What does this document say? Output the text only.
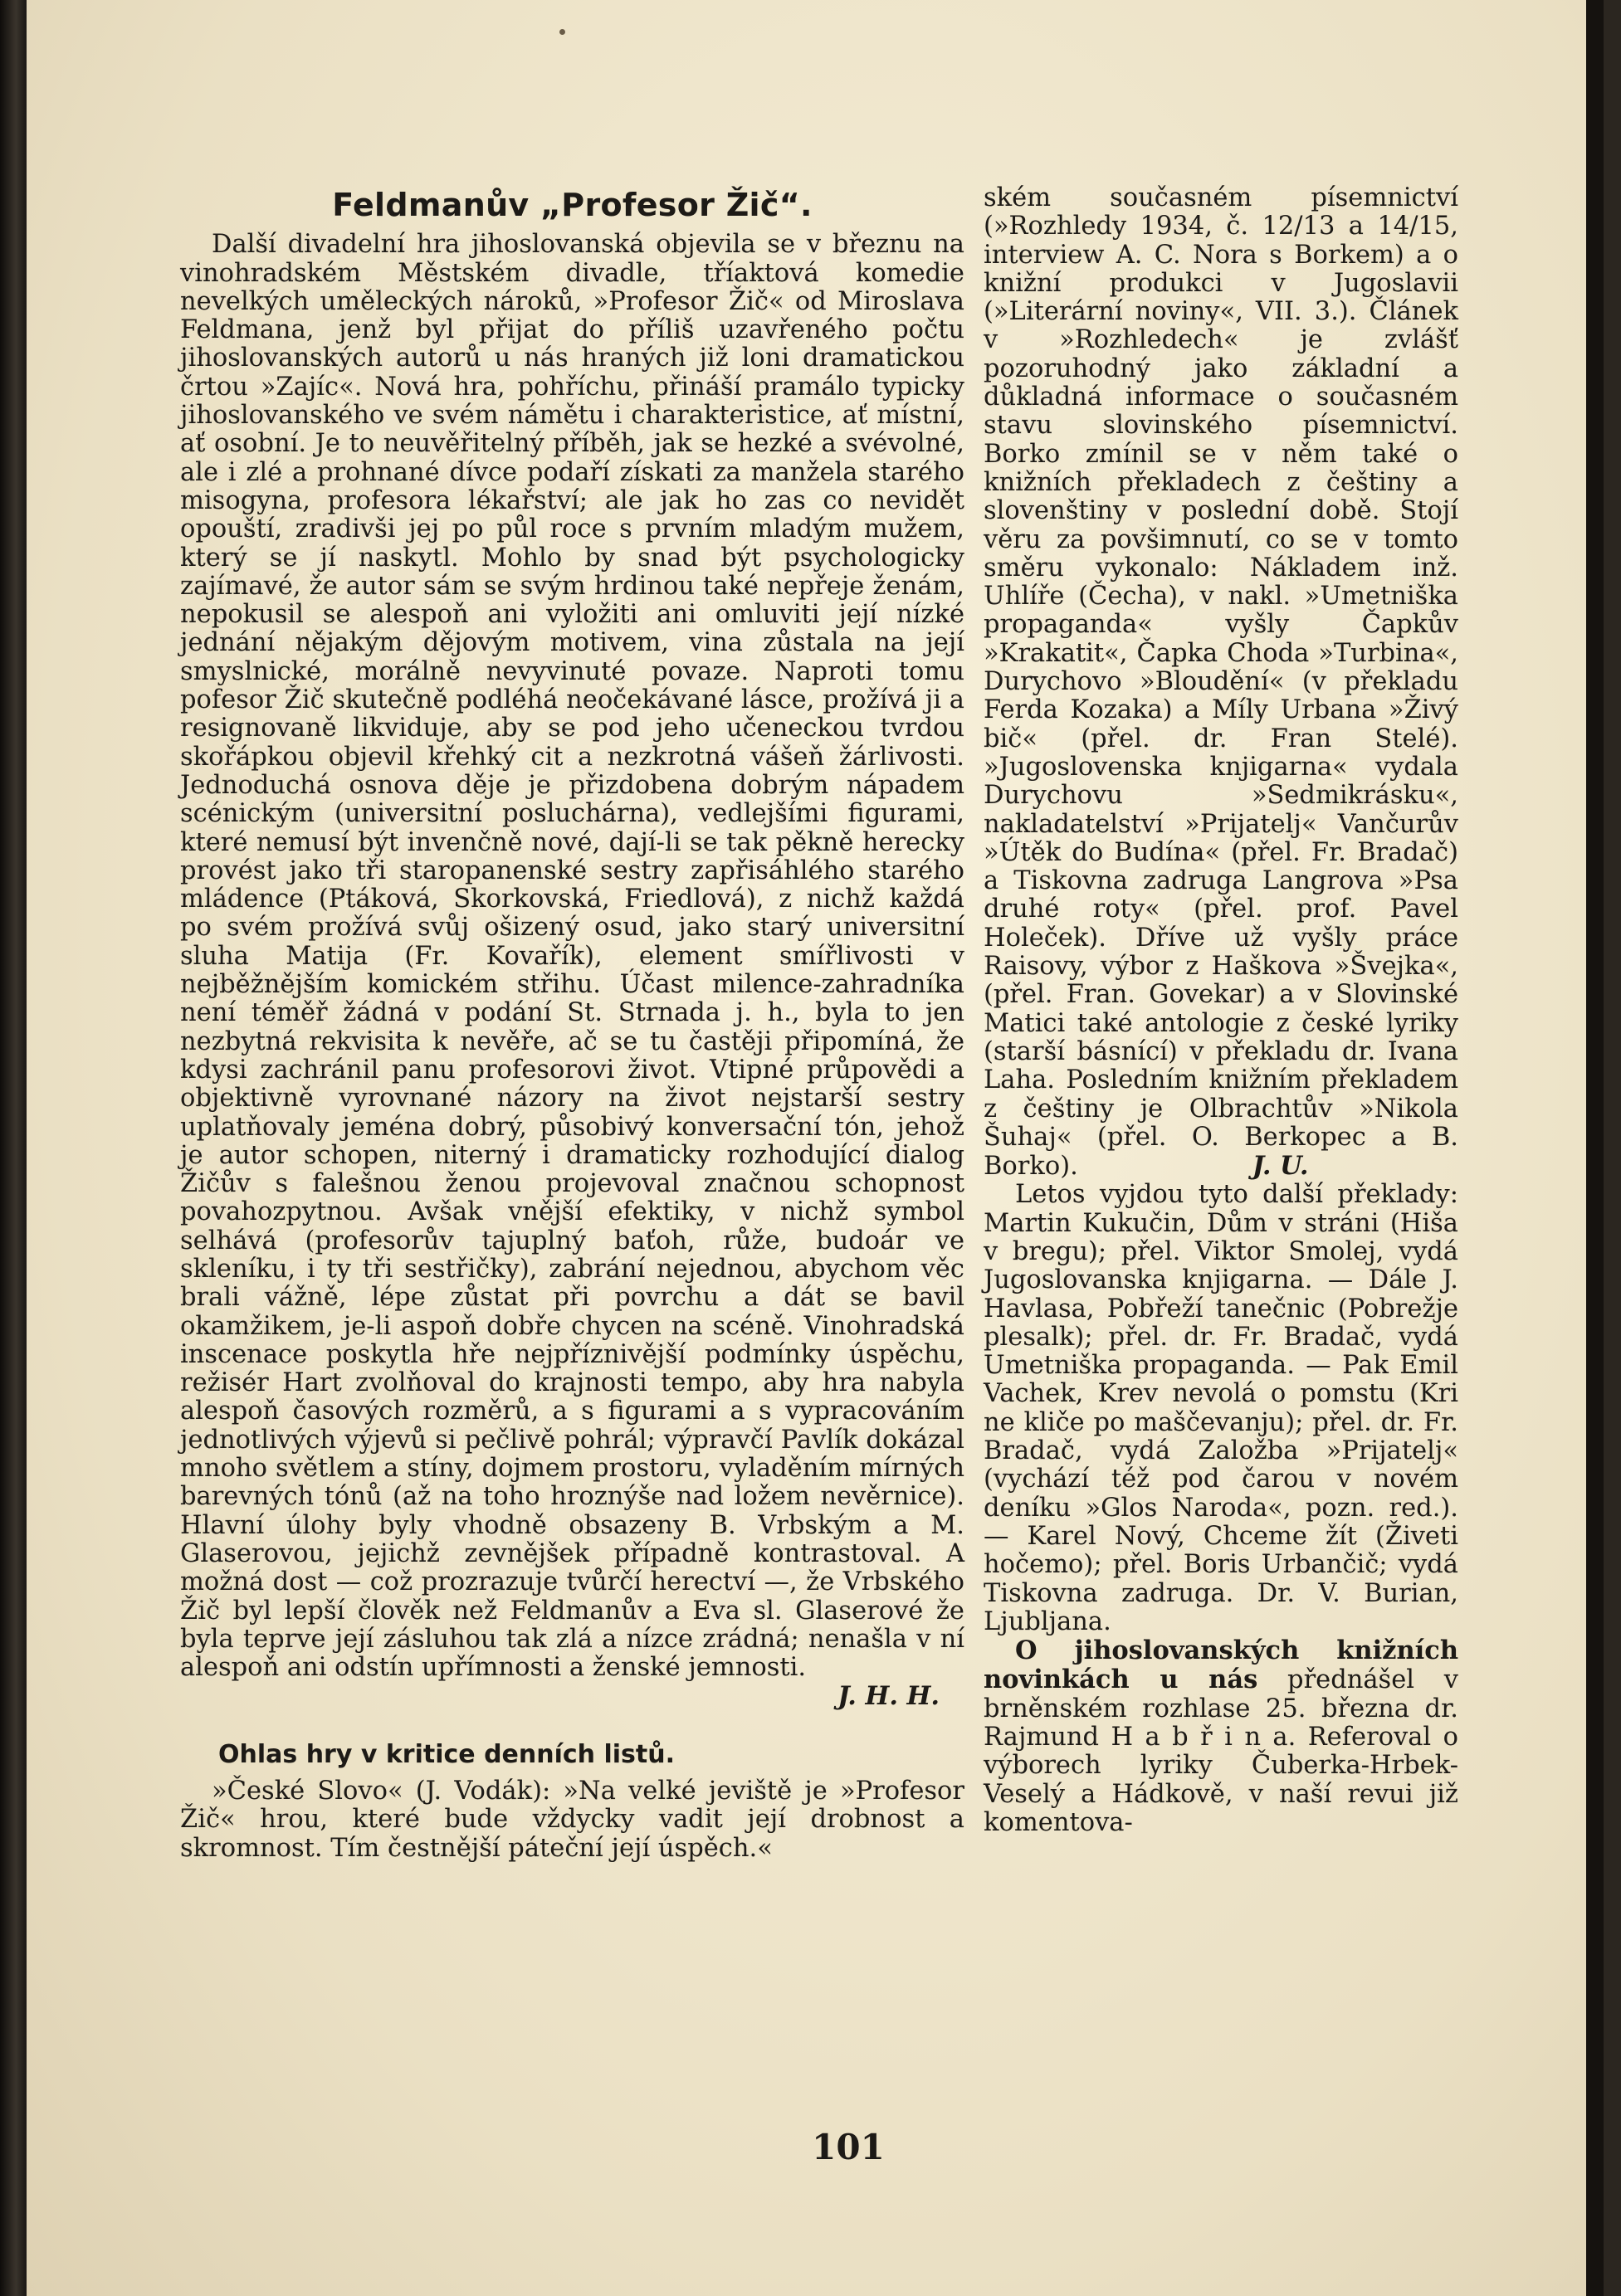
Feldmanův „Profesor Žič“.

Další divadelní hra jihoslovanská objevila se v březnu na vinohradském Městském divadle, tříaktová komedie nevelkých uměleckých nároků, »Profesor Žič« od Miroslava Feldmana, jenž byl přijat do příliš uzavřeného počtu jihoslovanských autorů u nás hraných již loni dramatickou črtou »Zajíc«. Nová hra, pohříchu, přináší pramálo typicky jihoslovanského ve svém námětu i charakteristice, ať místní, ať osobní. Je to neuvěřitelný příběh, jak se hezké a svévolné, ale i zlé a prohnané dívce podaří získati za manžela starého misogyna, profesora lékařství; ale jak ho zas co nevidět opouští, zradivši jej po půl roce s prvním mladým mužem, který se jí naskytl. Mohlo by snad být psychologicky zajímavé, že autor sám se svým hrdinou také nepřeje ženám, nepokusil se alespoň ani vyložiti ani omluviti její nízké jednání nějakým dějovým motivem, vina zůstala na její smyslnické, morálně nevyvinuté povaze. Naproti tomu pofesor Žič skutečně podléhá neočekávané lásce, prožívá ji a resignovaně likviduje, aby se pod jeho učeneckou tvrdou skořápkou objevil křehký cit a nezkrotná vášeň žárlivosti. Jednoduchá osnova děje je přizdobena dobrým nápadem scénickým (universitní posluchárna), vedlejšími figurami, které nemusí být invenčně nové, dají-li se tak pěkně herecky provést jako tři staropanenské sestry zapřisáhlého starého mládence (Ptáková, Skorkovská, Friedlová), z nichž každá po svém prožívá svůj ošizený osud, jako starý universitní sluha Matija (Fr. Kovařík), element smířlivosti v nejběžnějším komickém střihu. Účast milence-zahradníka není téměř žádná v podání St. Strnada j. h., byla to jen nezbytná rekvisita k nevěře, ač se tu častěji připomíná, že kdysi zachránil panu profesorovi život. Vtipné průpovědi a objektivně vyrovnané názory na život nejstarší sestry uplatňovaly jeménа dobrý, působivý konversační tón, jehož je autor schopen, niterný i dramaticky rozhodující dialog Žičův s falešnou ženou projevoval značnou schopnost povahozpytnou. Avšak vnější efektiky, v nichž symbol selhává (profesorův tajuplný baťoh, růže, budoár ve skleníku, i ty tři sestřičky), zabrání nejednou, abychom věc brali vážně, lépe zůstat při povrchu a dát se bavil okamžikem, je-li aspoň dobře chycen na scéně. Vinohradská inscenace poskytla hře nejpříznivější podmínky úspěchu, režisér Hart zvolňoval do krajnosti tempo, aby hra nabyla alespoň časových rozměrů, a s figurami a s vypracováním jednotlivých výjevů si pečlivě pohrál; výpravčí Pavlík dokázal mnoho světlem a stíny, dojmem prostoru, vyladěním mírných barevných tónů (až na toho hroznýše nad ložem nevěrnice). Hlavní úlohy byly vhodně obsazeny B. Vrbským a M. Glaserovou, jejichž zevnějšek případně kontrastoval. A možná dost — což prozrazuje tvůrčí herectví —, že Vrbského Žič byl lepší člověk než Feldmanův a Eva sl. Glaserové že byla teprve její zásluhou tak zlá a nízce zrádná; nenašla v ní alespoň ani odstín upřímnosti a ženské jemnosti.

J. H. H.

Ohlas hry v kritice denních listů.

»České Slovo« (J. Vodák): »Na velké jeviště je »Profesor Žič« hrou, které bude vždycky vadit její drobnost a skromnost. Tím čestnější páteční její úspěch.«

ském současném písemnictví (»Rozhledy 1934, č. 12/13 a 14/15, interview A. C. Nora s Borkem) a o knižní produkci v Jugoslavii (»Literární noviny«, VII. 3.). Článek v »Rozhledech« je zvlášť pozoruhodný jako základní a důkladná informace o současném stavu slovinského písemnictví. Borko zmínil se v něm také o knižních překladech z češtiny a slovenštiny v poslední době. Stojí věru za povšimnutí, co se v tomto směru vykonalo: Nákladem inž. Uhlíře (Čecha), v nakl. »Umetniška propaganda« vyšly Čapkův »Krakatit«, Čapka Choda »Turbina«, Durychovo »Bloudění« (v překladu Ferda Kozaka) a Míly Urbana »Živý bič« (přel. dr. Fran Stelé). »Jugoslovenska knjigarna« vydala Durychovu »Sedmikrásku«, nakladatelství »Prijatelj« Vančurův »Útěk do Budína« (přel. Fr. Bradač) a Tiskovna zadruga Langrova »Psa druhé roty« (přel. prof. Pavel Holeček). Dříve už vyšly práce Raisovy, výbor z Haškova »Švejka«, (přel. Fran. Govekar) a v Slovinské Matici také antologie z české lyriky (starší básnící) v překladu dr. Ivana Laha. Posledním knižním překladem z češtiny je Olbrachtův »Nikola Šuhaj« (přel. O. Berkopec a B. Borko).	J. U.

Letos vyjdou tyto další překlady: Martin Kukučin, Dům v stráni (Hiša v bregu); přel. Viktor Smolej, vydá Jugoslovanska knjigarna. — Dále J. Havlasa, Pobřeží tanečnic (Pobrežje plesalk); přel. dr. Fr. Bradač, vydá Umetniška propaganda. — Pak Emil Vachek, Krev nevolá o pomstu (Kri ne kliče po maščevanju); přel. dr. Fr. Bradač, vydá Založba »Prijatelj« (vychází též pod čarou v novém deníku »Glos Naroda«, pozn. red.). — Karel Nový, Chceme žít (Živeti hočemo); přel. Boris Urbančič; vydá Tiskovna zadruga. Dr. V. Burian, Ljubljana.

O jihoslovanských knižních novinkách u nás přednášel v brněnském rozhlase 25. března dr. Rajmund H a b ř i n a. Referoval o výborech lyriky Čuberka-Hrbek-Veselý a Hádkově, v naší revui již komentova-

101
